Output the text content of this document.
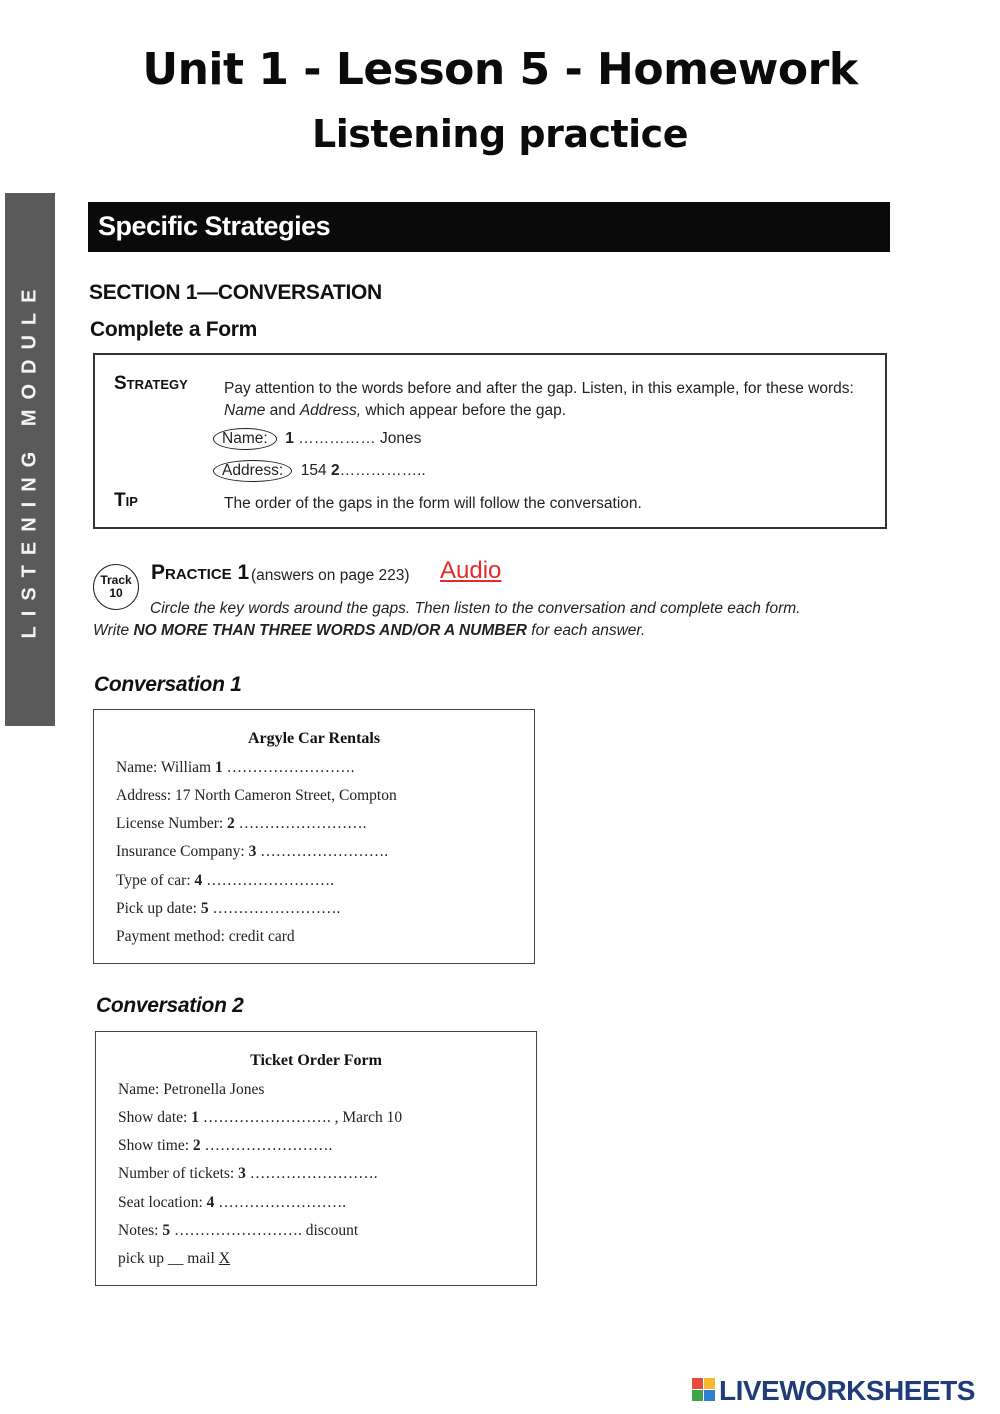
Unit 1 - Lesson 5 - Homework
Listening practice
LISTENING MODULE
Specific Strategies
SECTION 1—CONVERSATION
Complete a Form
Strategy Pay attention to the words before and after the gap. Listen, in this example, for these words: Name and Address, which appear before the gap.
Name: 1 …………… Jones
Address: 154 2……………..
Tip	The order of the gaps in the form will follow the conversation.
Track
10
Practice 1 (answers on page 223) Audio
Circle the key words around the gaps. Then listen to the conversation and complete each form.
Write NO MORE THAN THREE WORDS AND/OR A NUMBER for each answer.
Conversation 1
Argyle Car Rentals
Name: William 1 …………………….
Address: 17 North Cameron Street, Compton
License Number: 2 …………………….
Insurance Company: 3 …………………….
Type of car: 4 …………………….
Pick up date: 5 …………………….
Payment method: credit card
Conversation 2
Ticket Order Form
Name: Petronella Jones
Show date: 1 ……………………. , March 10
Show time: 2 …………………….
Number of tickets: 3 …………………….
Seat location: 4 …………………….
Notes: 5 ……………………. discount
pick up __ mail X
LIVEWORKSHEETS
